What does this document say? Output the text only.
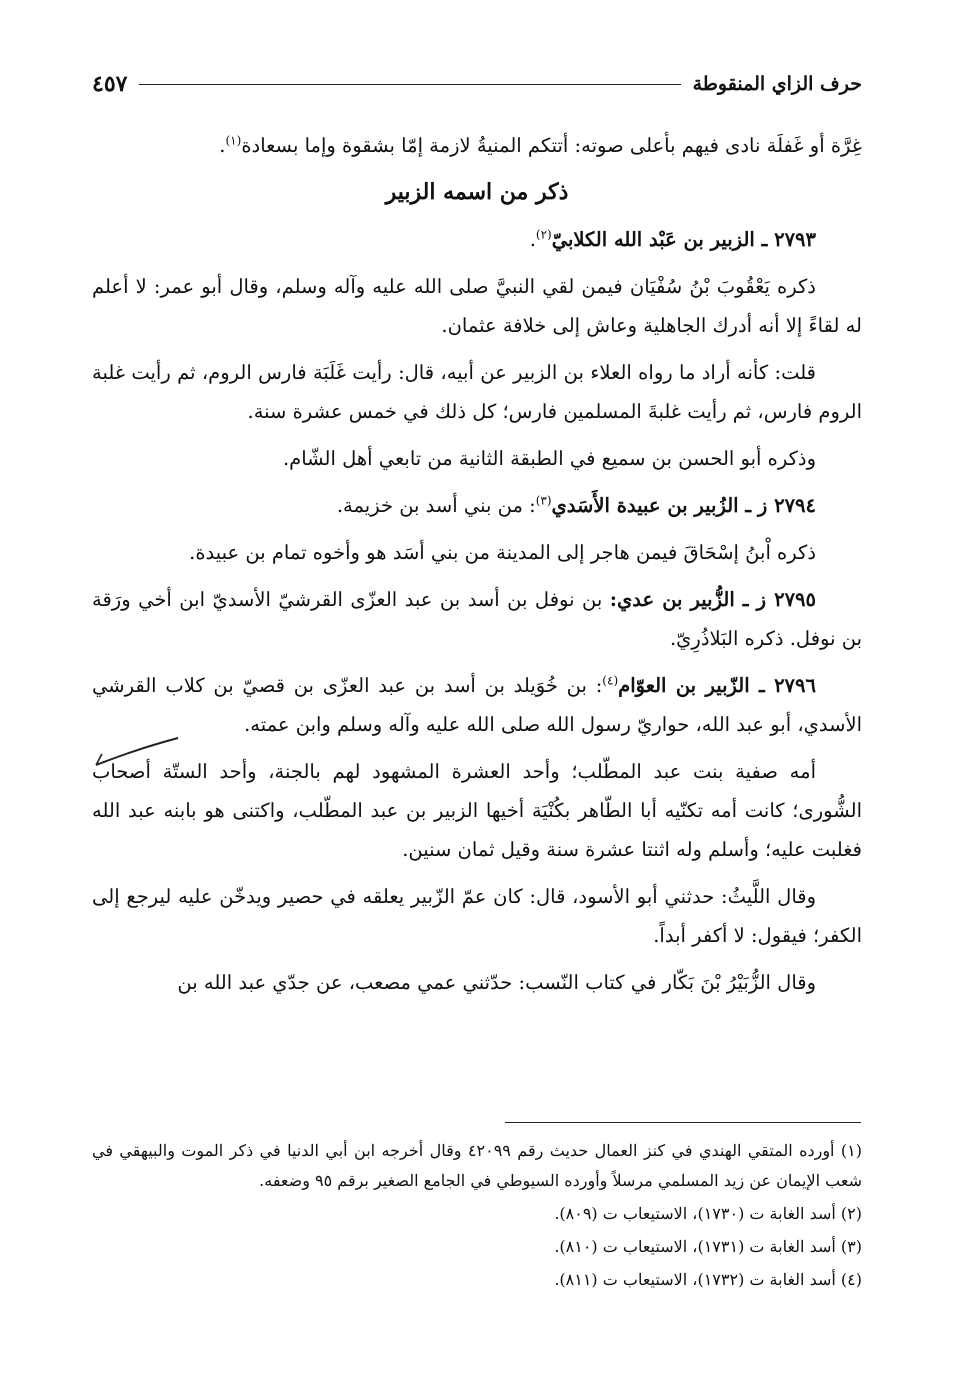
حرف الزاي المنقوطة
٤٥٧

غِرَّة أو غَفلَة نادى فيهم بأعلى صوته: أتتكم المنيةُ لازمة إمّا بشقوة وإما بسعادة$^{(١)}$.

ذكر من اسمه الزبير

٢٧٩٣ ـ الزبير بن عَبْد الله الكلابيّ$^{(٢)}$.

ذكره يَعْقُوبَ بْنُ سُفْيَان فيمن لقي النبيَّ صلى الله عليه وآله وسلم، وقال أبو عمر: لا أعلم له لقاءً إلا أنه أدرك الجاهلية وعاش إلى خلافة عثمان.

قلت: كأنه أراد ما رواه العلاء بن الزبير عن أبيه، قال: رأيت غَلَبَة فارس الروم، ثم رأيت غلبة الروم فارس، ثم رأيت غلبةَ المسلمين فارس؛ كل ذلك في خمس عشرة سنة.

وذكره أبو الحسن بن سميع في الطبقة الثانية من تابعي أهل الشّام.

٢٧٩٤ ز ـ الزُبير بن عبيدة الأَسَدي$^{(٣)}$: من بني أسد بن خزيمة.

ذكره اْبنُ إسْحَاقَ فيمن هاجر إلى المدينة من بني أسَد هو وأخوه تمام بن عبيدة.

٢٧٩٥ ز ـ الزُّبير بن عدي: بن نوفل بن أسد بن عبد العزّى القرشيّ الأسديّ ابن أخي ورَقة بن نوفل. ذكره البَلاذُرِيّ.

٢٧٩٦ ـ الزّبير بن العوّام$^{(٤)}$: بن خُوَيلد بن أسد بن عبد العزّى بن قصيّ بن كلاب القرشي الأسدي، أبو عبد الله، حواريّ رسول الله صلى الله عليه وآله وسلم وابن عمته.

أمه صفية بنت عبد المطّلب؛ وأحد العشرة المشهود لهم بالجنة، وأحد الستّة أصحاب الشُّورى؛ كانت أمه تكنّيه أبا الطّاهر بكُنْيَة أخيها الزبير بن عبد المطّلب، واكتنى هو بابنه عبد الله فغلبت عليه؛ وأسلم وله اثنتا عشرة سنة وقيل ثمان سنين.

وقال اللَّيثُ: حدثني أبو الأسود، قال: كان عمّ الزّبير يعلقه في حصير ويدخّن عليه ليرجع إلى الكفر؛ فيقول: لا أكفر أبداً.

وقال الزُّبَيْرُ بْنَ بَكّار في كتاب النّسب: حدّثني عمي مصعب، عن جدّي عبد الله بن

(١) أورده المتقي الهندي في كنز العمال حديث رقم ٤٢٠٩٩ وقال أخرجه ابن أبي الدنيا في ذكر الموت والبيهقي في شعب الإيمان عن زيد المسلمي مرسلاً وأورده السيوطي في الجامع الصغير برقم ٩٥ وضعفه.

(٢) أسد الغابة ت (١٧٣٠)، الاستيعاب ت (٨٠٩).

(٣) أسد الغابة ت (١٧٣١)، الاستيعاب ت (٨١٠).

(٤) أسد الغابة ت (١٧٣٢)، الاستيعاب ت (٨١١).
